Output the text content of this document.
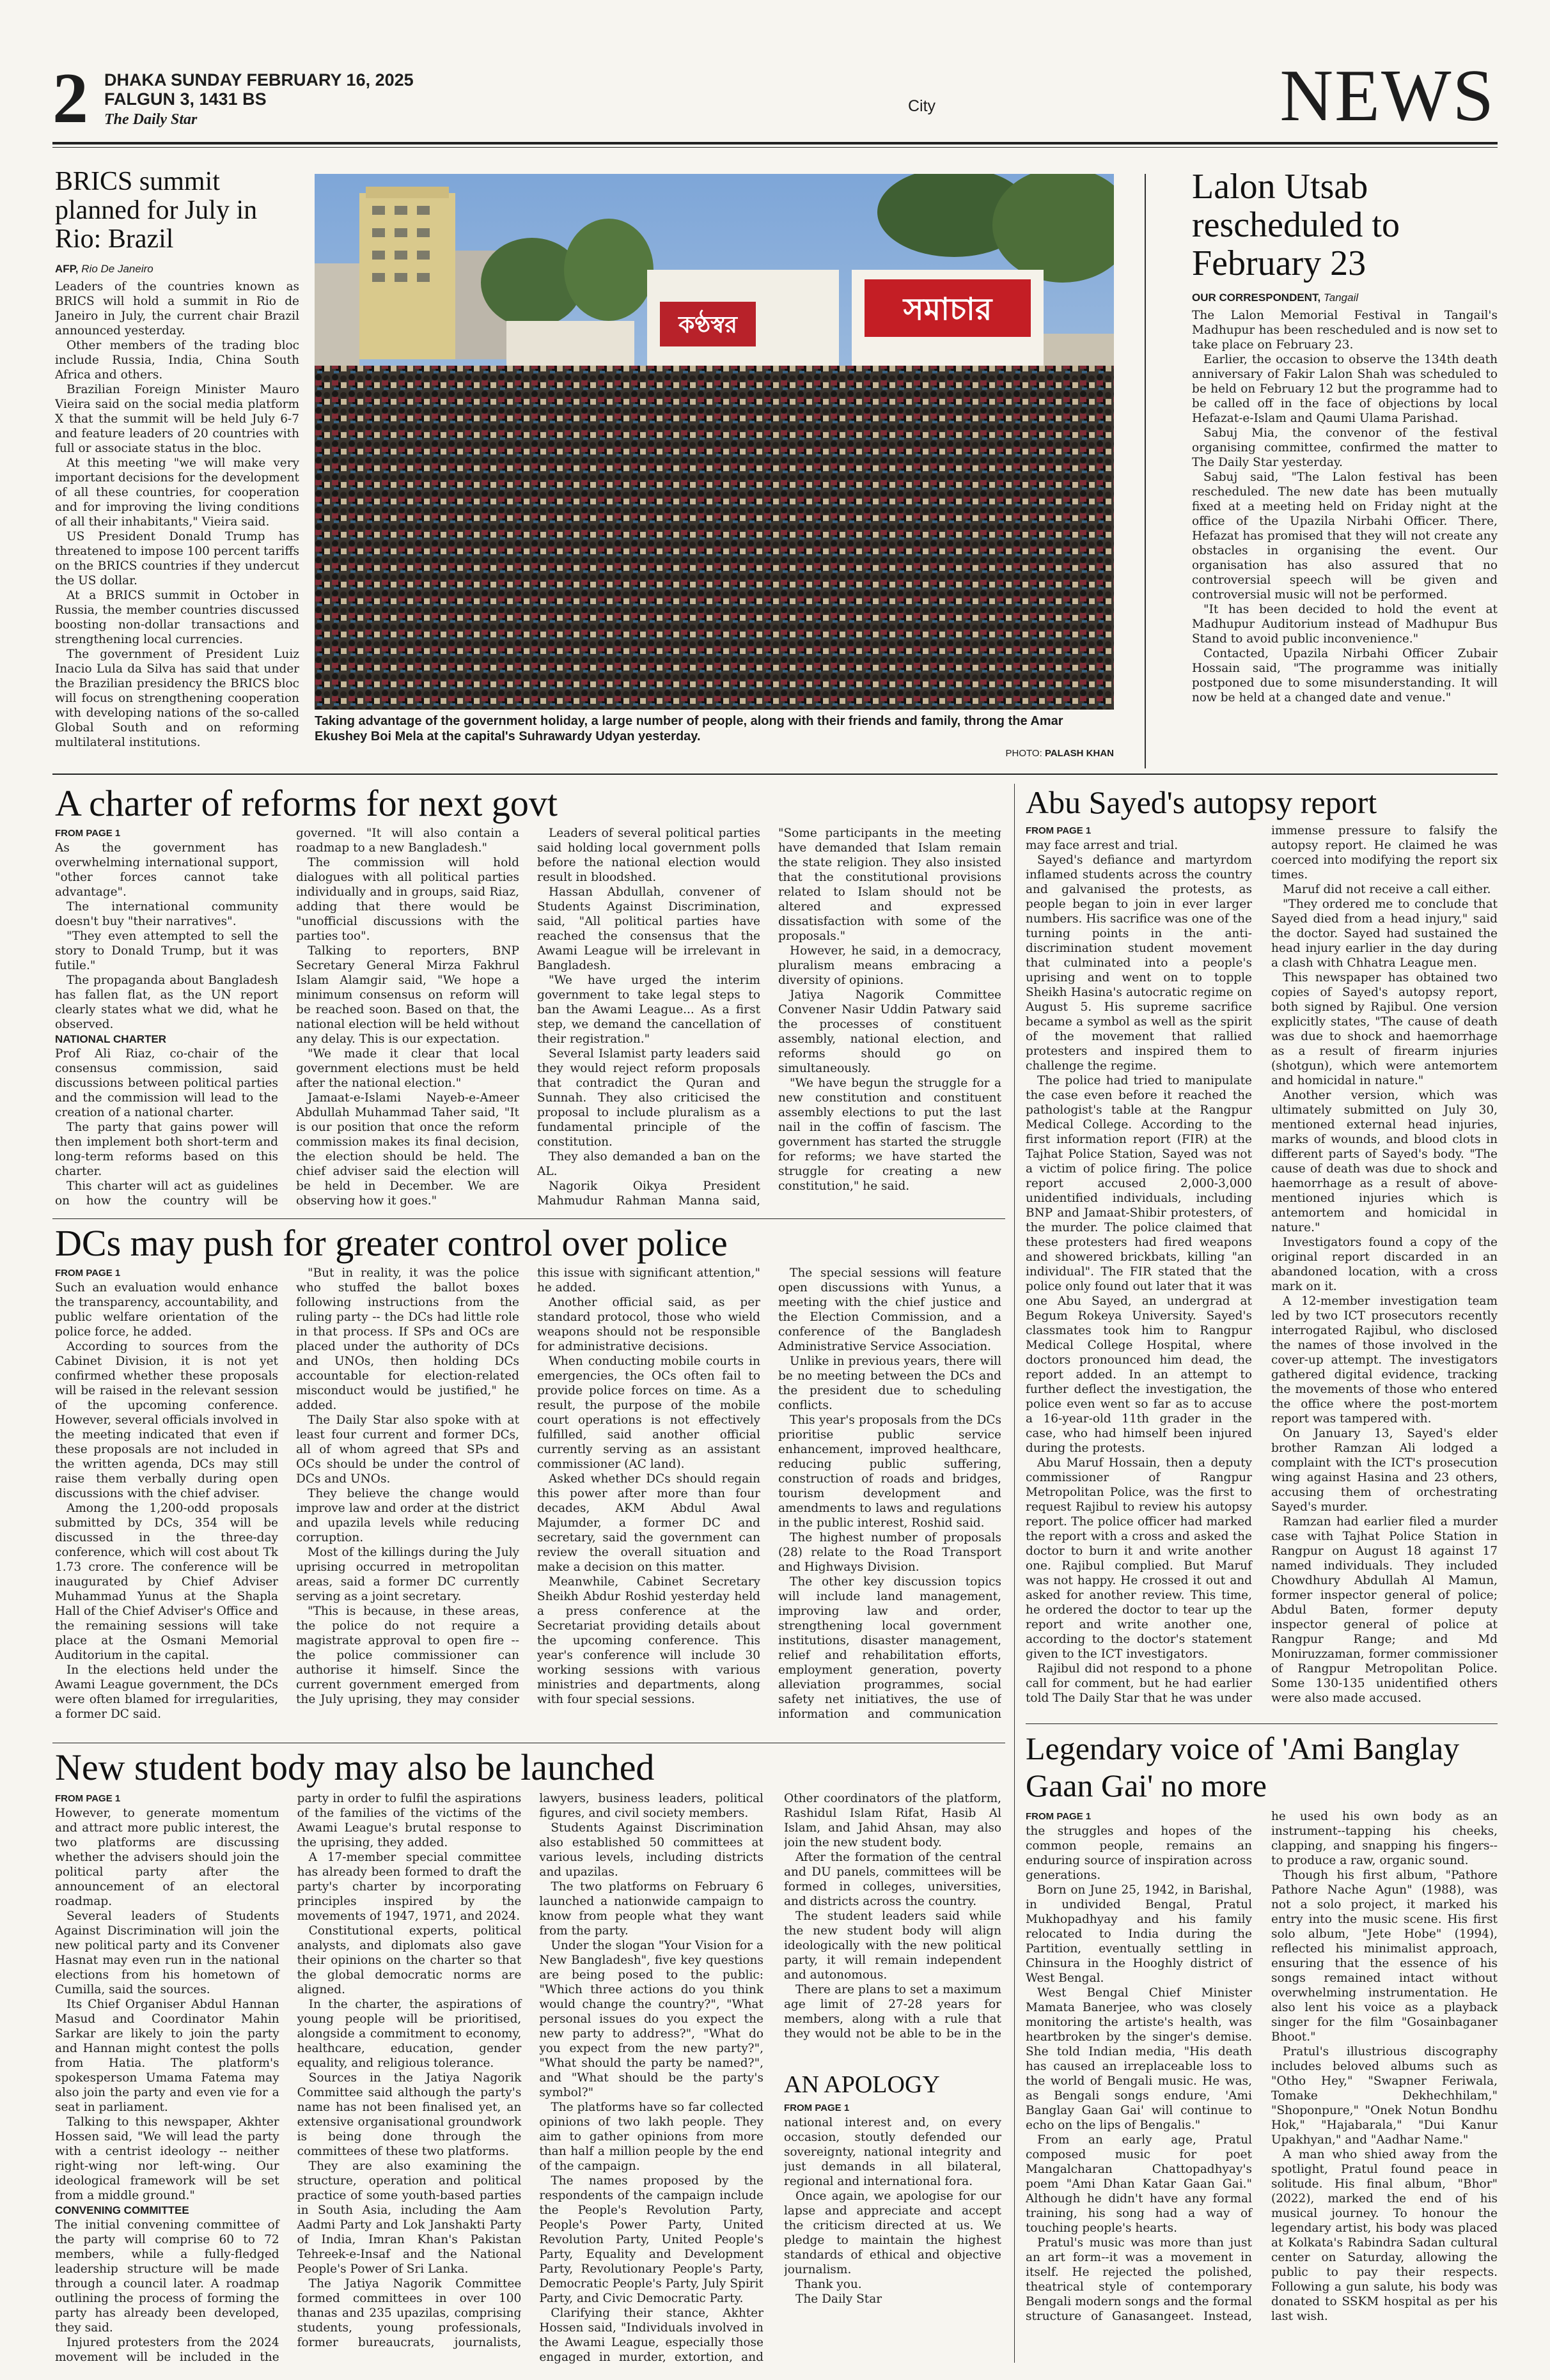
2 DHAKA SUNDAY FEBRUARY 16, 2025
FALGUN 3, 1431 BS
The Daily Star
City	NEWS
BRICS summit planned for July in Rio: Brazil

AFP, Rio De Janeiro

Leaders of the countries known as BRICS will hold a summit in Rio de Janeiro in July, the current chair Brazil announced yesterday.

Other members of the trading bloc include Russia, India, China South Africa and others.

Brazilian Foreign Minister Mauro Vieira said on the social media platform X that the summit will be held July 6-7 and feature leaders of 20 countries with full or associate status in the bloc.

At this meeting "we will make very important decisions for the development of all these countries, for cooperation and for improving the living conditions of all their inhabitants," Vieira said.

US President Donald Trump has threatened to impose 100 percent tariffs on the BRICS countries if they undercut the US dollar.

At a BRICS summit in October in Russia, the member countries discussed boosting non-dollar transactions and strengthening local currencies.

The government of President Luiz Inacio Lula da Silva has said that under the Brazilian presidency the BRICS bloc will focus on strengthening cooperation with developing nations of the so-called Global South and on reforming multilateral institutions.

কণ্ঠস্বর	সমাচার
Taking advantage of the government holiday, a large number of people, along with their friends and family, throng the Amar Ekushey Boi Mela at the capital's Suhrawardy Udyan yesterday.
PHOTO: PALASH KHAN
Lalon Utsab rescheduled to February 23

OUR CORRESPONDENT, Tangail

The Lalon Memorial Festival in Tangail's Madhupur has been rescheduled and is now set to take place on February 23.

Earlier, the occasion to observe the 134th death anniversary of Fakir Lalon Shah was scheduled to be held on February 12 but the programme had to be called off in the face of objections by local Hefazat-e-Islam and Qaumi Ulama Parishad.

Sabuj Mia, the convenor of the festival organising committee, confirmed the matter to The Daily Star yesterday.

Sabuj said, "The Lalon festival has been rescheduled. The new date has been mutually fixed at a meeting held on Friday night at the office of the Upazila Nirbahi Officer. There, Hefazat has promised that they will not create any obstacles in organising the event. Our organisation has also assured that no controversial speech will be given and controversial music will not be performed.

"It has been decided to hold the event at Madhupur Auditorium instead of Madhupur Bus Stand to avoid public inconvenience."

Contacted, Upazila Nirbahi Officer Zubair Hossain said, "The programme was initially postponed due to some misunderstanding. It will now be held at a changed date and venue."

A charter of reforms for next govt
FROM PAGE 1

As the government has overwhelming international support, "other forces cannot take advantage".

The international community doesn't buy "their narratives".

"They even attempted to sell the story to Donald Trump, but it was futile."

The propaganda about Bangladesh has fallen flat, as the UN report clearly states what we did, what he observed.

NATIONAL CHARTER

Prof Ali Riaz, co-chair of the consensus commission, said discussions between political parties and the commission will lead to the creation of a national charter.

The party that gains power will then implement both short-term and long-term reforms based on this charter.

This charter will act as guidelines on how the country will be governed. "It will also contain a roadmap to a new Bangladesh."

The commission will hold dialogues with all political parties individually and in groups, said Riaz, adding that there would be "unofficial discussions with the parties too".

Talking to reporters, BNP Secretary General Mirza Fakhrul Islam Alamgir said, "We hope a minimum consensus on reform will be reached soon. Based on that, the national election will be held without any delay. This is our expectation.

"We made it clear that local government elections must be held after the national election."

Jamaat-e-Islami Nayeb-e-Ameer Abdullah Muhammad Taher said, "It is our position that once the reform commission makes its final decision, the election should be held. The chief adviser said the election will be held in December. We are observing how it goes."

Leaders of several political parties said holding local government polls before the national election would result in bloodshed.

Hassan Abdullah, convener of Students Against Discrimination, said, "All political parties have reached the consensus that the Awami League will be irrelevant in Bangladesh.

"We have urged the interim government to take legal steps to ban the Awami League... As a first step, we demand the cancellation of their registration."

Several Islamist party leaders said they would reject reform proposals that contradict the Quran and Sunnah. They also criticised the proposal to include pluralism as a fundamental principle of the constitution.

They also demanded a ban on the AL.

Nagorik Oikya President Mahmudur Rahman Manna said, "Some participants in the meeting have demanded that Islam remain the state religion. They also insisted that the constitutional provisions related to Islam should not be altered and expressed dissatisfaction with some of the proposals."

However, he said, in a democracy, pluralism means embracing a diversity of opinions.

Jatiya Nagorik Committee Convener Nasir Uddin Patwary said the processes of constituent assembly, national election, and reforms should go on simultaneously.

"We have begun the struggle for a new constitution and constituent assembly elections to put the last nail in the coffin of fascism. The government has started the struggle for reforms; we have started the struggle for creating a new constitution," he said.

DCs may push for greater control over police
FROM PAGE 1

Such an evaluation would enhance the transparency, accountability, and public welfare orientation of the police force, he added.

According to sources from the Cabinet Division, it is not yet confirmed whether these proposals will be raised in the relevant session of the upcoming conference. However, several officials involved in the meeting indicated that even if these proposals are not included in the written agenda, DCs may still raise them verbally during open discussions with the chief adviser.

Among the 1,200-odd proposals submitted by DCs, 354 will be discussed in the three-day conference, which will cost about Tk 1.73 crore. The conference will be inaugurated by Chief Adviser Muhammad Yunus at the Shapla Hall of the Chief Adviser's Office and the remaining sessions will take place at the Osmani Memorial Auditorium in the capital.

In the elections held under the Awami League government, the DCs were often blamed for irregularities, a former DC said.

"But in reality, it was the police who stuffed the ballot boxes following instructions from the ruling party -- the DCs had little role in that process. If SPs and OCs are placed under the authority of DCs and UNOs, then holding DCs accountable for election-related misconduct would be justified," he added.

The Daily Star also spoke with at least four current and former DCs, all of whom agreed that SPs and OCs should be under the control of DCs and UNOs.

They believe the change would improve law and order at the district and upazila levels while reducing corruption.

Most of the killings during the July uprising occurred in metropolitan areas, said a former DC currently serving as a joint secretary.

"This is because, in these areas, the police do not require a magistrate approval to open fire -- the police commissioner can authorise it himself. Since the current government emerged from the July uprising, they may consider this issue with significant attention," he added.

Another official said, as per standard protocol, those who wield weapons should not be responsible for administrative decisions.

When conducting mobile courts in emergencies, the OCs often fail to provide police forces on time. As a result, the purpose of the mobile court operations is not effectively fulfilled, said another official currently serving as an assistant commissioner (AC land).

Asked whether DCs should regain this power after more than four decades, AKM Abdul Awal Majumder, a former DC and secretary, said the government can review the overall situation and make a decision on this matter.

Meanwhile, Cabinet Secretary Sheikh Abdur Roshid yesterday held a press conference at the Secretariat providing details about the upcoming conference. This year's conference will include 30 working sessions with various ministries and departments, along with four special sessions.

The special sessions will feature open discussions with Yunus, a meeting with the chief justice and the Election Commission, and a conference of the Bangladesh Administrative Service Association.

Unlike in previous years, there will be no meeting between the DCs and the president due to scheduling conflicts.

This year's proposals from the DCs prioritise public service enhancement, improved healthcare, reducing public suffering, construction of roads and bridges, tourism development and amendments to laws and regulations in the public interest, Roshid said.

The highest number of proposals (28) relate to the Road Transport and Highways Division.

The other key discussion topics will include land management, improving law and order, strengthening local government institutions, disaster management, relief and rehabilitation efforts, employment generation, poverty alleviation programmes, social safety net initiatives, the use of information and communication

New student body may also be launched
FROM PAGE 1

However, to generate momentum and attract more public interest, the two platforms are discussing whether the advisers should join the political party after the announcement of an electoral roadmap.

Several leaders of Students Against Discrimination will join the new political party and its Convener Hasnat may even run in the national elections from his hometown of Cumilla, said the sources.

Its Chief Organiser Abdul Hannan Masud and Coordinator Mahin Sarkar are likely to join the party and Hannan might contest the polls from Hatia. The platform's spokesperson Umama Fatema may also join the party and even vie for a seat in parliament.

Talking to this newspaper, Akhter Hossen said, "We will lead the party with a centrist ideology -- neither right-wing nor left-wing. Our ideological framework will be set from a middle ground."

CONVENING COMMITTEE

The initial convening committee of the party will comprise 60 to 72 members, while a fully-fledged leadership structure will be made through a council later. A roadmap outlining the process of forming the party has already been developed, they said.

Injured protesters from the 2024 movement will be included in the party in order to fulfil the aspirations of the families of the victims of the Awami League's brutal response to the uprising, they added.

A 17-member special committee has already been formed to draft the party's charter by incorporating principles inspired by the movements of 1947, 1971, and 2024.

Constitutional experts, political analysts, and diplomats also gave their opinions on the charter so that the global democratic norms are aligned.

In the charter, the aspirations of young people will be prioritised, alongside a commitment to economy, healthcare, education, gender equality, and religious tolerance.

Sources in the Jatiya Nagorik Committee said although the party's name has not been finalised yet, an extensive organisational groundwork is being done through the committees of these two platforms.

They are also examining the structure, operation and political practice of some youth-based parties in South Asia, including the Aam Aadmi Party and Lok Janshakti Party of India, Imran Khan's Pakistan Tehreek-e-Insaf and the National People's Power of Sri Lanka.

The Jatiya Nagorik Committee formed committees in over 100 thanas and 235 upazilas, comprising students, young professionals, former bureaucrats, journalists, lawyers, business leaders, political figures, and civil society members.

Students Against Discrimination also established 50 committees at various levels, including districts and upazilas.

The two platforms on February 6 launched a nationwide campaign to know from people what they want from the party.

Under the slogan "Your Vision for a New Bangladesh", five key questions are being posed to the public: "Which three actions do you think would change the country?", "What personal issues do you expect the new party to address?", "What do you expect from the new party?", "What should the party be named?", and "What should be the party's symbol?"

The platforms have so far collected opinions of two lakh people. They aim to gather opinions from more than half a million people by the end of the campaign.

The names proposed by the respondents of the campaign include the People's Revolution Party, People's Power Party, United Revolution Party, United People's Party, Equality and Development Party, Revolutionary People's Party, Democratic People's Party, July Spirit Party, and Civic Democratic Party.

Clarifying their stance, Akhter Hossen said, "Individuals involved in the Awami League, especially those engaged in murder, extortion, and

Other coordinators of the platform, Rashidul Islam Rifat, Hasib Al Islam, and Jahid Ahsan, may also join the new student body.

After the formation of the central and DU panels, committees will be formed in colleges, universities, and districts across the country.

The student leaders said while the new student body will align ideologically with the new political party, it will remain independent and autonomous.

There are plans to set a maximum age limit of 27-28 years for members, along with a rule that they would not be able to be in the

AN APOLOGY
FROM PAGE 1

national interest and, on every occasion, stoutly defended our sovereignty, national integrity and just demands in all bilateral, regional and international fora.

Once again, we apologise for our lapse and appreciate and accept the criticism directed at us. We pledge to maintain the highest standards of ethical and objective journalism.

Thank you.

The Daily Star

Abu Sayed's autopsy report
FROM PAGE 1

may face arrest and trial.

Sayed's defiance and martyrdom inflamed students across the country and galvanised the protests, as people began to join in ever larger numbers. His sacrifice was one of the turning points in the anti-discrimination student movement that culminated into a people's uprising and went on to topple Sheikh Hasina's autocratic regime on August 5. His supreme sacrifice became a symbol as well as the spirit of the movement that rallied protesters and inspired them to challenge the regime.

The police had tried to manipulate the case even before it reached the pathologist's table at the Rangpur Medical College. According to the first information report (FIR) at the Tajhat Police Station, Sayed was not a victim of police firing. The police report accused 2,000-3,000 unidentified individuals, including BNP and Jamaat-Shibir protesters, of the murder. The police claimed that these protesters had fired weapons and showered brickbats, killing "an individual". The FIR stated that the police only found out later that it was one Abu Sayed, an undergrad at Begum Rokeya University. Sayed's classmates took him to Rangpur Medical College Hospital, where doctors pronounced him dead, the report added. In an attempt to further deflect the investigation, the police even went so far as to accuse a 16-year-old 11th grader in the case, who had himself been injured during the protests.

Abu Maruf Hossain, then a deputy commissioner of Rangpur Metropolitan Police, was the first to request Rajibul to review his autopsy report. The police officer had marked the report with a cross and asked the doctor to burn it and write another one. Rajibul complied. But Maruf was not happy. He crossed it out and asked for another review. This time, he ordered the doctor to tear up the report and write another one, according to the doctor's statement given to the ICT investigators.

Rajibul did not respond to a phone call for comment, but he had earlier told The Daily Star that he was under immense pressure to falsify the autopsy report. He claimed he was coerced into modifying the report six times.

Maruf did not receive a call either.

"They ordered me to conclude that Sayed died from a head injury," said the doctor. Sayed had sustained the head injury earlier in the day during a clash with Chhatra League men.

This newspaper has obtained two copies of Sayed's autopsy report, both signed by Rajibul. One version explicitly states, "The cause of death was due to shock and haemorrhage as a result of firearm injuries (shotgun), which were antemortem and homicidal in nature."

Another version, which was ultimately submitted on July 30, mentioned external head injuries, marks of wounds, and blood clots in different parts of Sayed's body. "The cause of death was due to shock and haemorrhage as a result of above-mentioned injuries which is antemortem and homicidal in nature."

Investigators found a copy of the original report discarded in an abandoned location, with a cross mark on it.

A 12-member investigation team led by two ICT prosecutors recently interrogated Rajibul, who disclosed the names of those involved in the cover-up attempt. The investigators gathered digital evidence, tracking the movements of those who entered the office where the post-mortem report was tampered with.

On January 13, Sayed's elder brother Ramzan Ali lodged a complaint with the ICT's prosecution wing against Hasina and 23 others, accusing them of orchestrating Sayed's murder.

Ramzan had earlier filed a murder case with Tajhat Police Station in Rangpur on August 18 against 17 named individuals. They included Chowdhury Abdullah Al Mamun, former inspector general of police; Abdul Baten, former deputy inspector general of police at Rangpur Range; and Md Moniruzzaman, former commissioner of Rangpur Metropolitan Police. Some 130-135 unidentified others were also made accused.

Legendary voice of 'Ami Banglay Gaan Gai' no more
FROM PAGE 1

the struggles and hopes of the common people, remains an enduring source of inspiration across generations.

Born on June 25, 1942, in Barishal, in undivided Bengal, Pratul Mukhopadhyay and his family relocated to India during the Partition, eventually settling in Chinsura in the Hooghly district of West Bengal.

West Bengal Chief Minister Mamata Banerjee, who was closely monitoring the artiste's health, was heartbroken by the singer's demise. She told Indian media, "His death has caused an irreplaceable loss to the world of Bengali music. He was, as Bengali songs endure, 'Ami Banglay Gaan Gai' will continue to echo on the lips of Bengalis."

From an early age, Pratul composed music for poet Mangalcharan Chattopadhyay's poem "Ami Dhan Katar Gaan Gai." Although he didn't have any formal training, his song had a way of touching people's hearts.

Pratul's music was more than just an art form--it was a movement in itself. He rejected the polished, theatrical style of contemporary Bengali modern songs and the formal structure of Ganasangeet. Instead, he used his own body as an instrument--tapping his cheeks, clapping, and snapping his fingers--to produce a raw, organic sound.

Though his first album, "Pathore Pathore Nache Agun" (1988), was not a solo project, it marked his entry into the music scene. His first solo album, "Jete Hobe" (1994), reflected his minimalist approach, ensuring that the essence of his songs remained intact without overwhelming instrumentation. He also lent his voice as a playback singer for the film "Gosainbaganer Bhoot."

Pratul's illustrious discography includes beloved albums such as "Otho Hey," "Swapner Feriwala, Tomake Dekhechhilam," "Shoponpure," "Onek Notun Bondhu Hok," "Hajabarala," "Dui Kanur Upakhyan," and "Aadhar Name."

A man who shied away from the spotlight, Pratul found peace in solitude. His final album, "Bhor" (2022), marked the end of his musical journey. To honour the legendary artist, his body was placed at Kolkata's Rabindra Sadan cultural center on Saturday, allowing the public to pay their respects. Following a gun salute, his body was donated to SSKM hospital as per his last wish.
